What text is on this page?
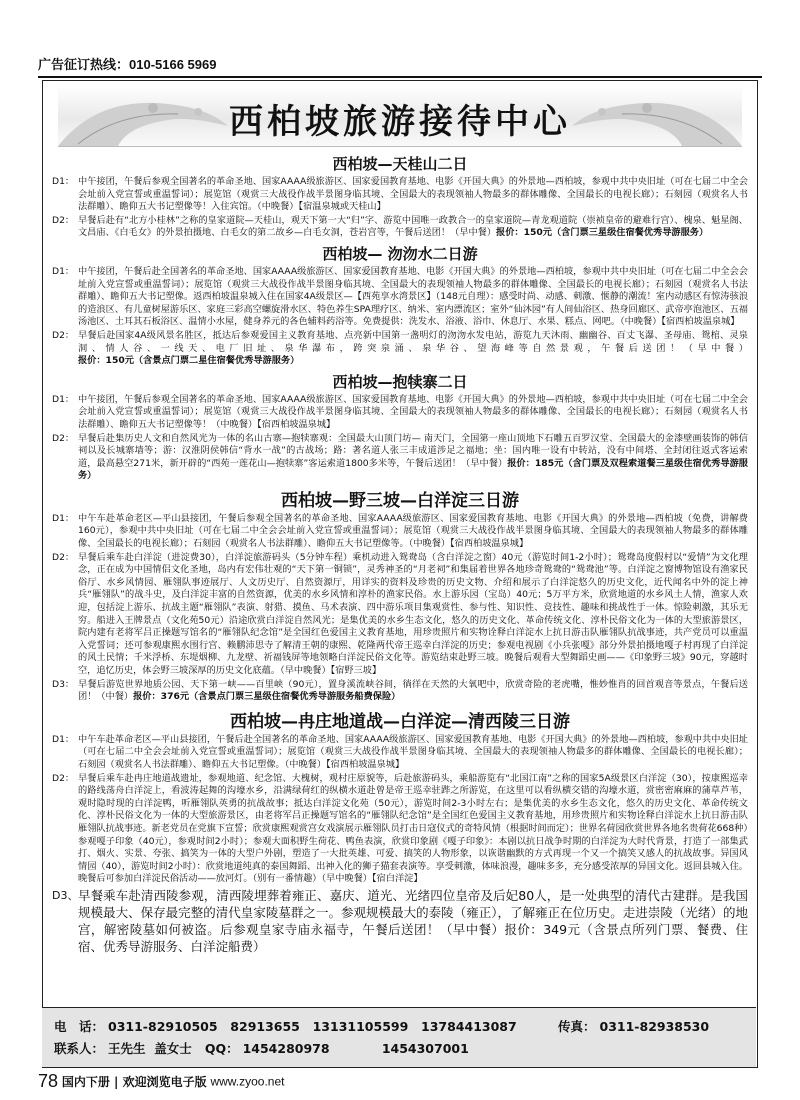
广告征订热线：010-5166 5969
西柏坡旅游接待中心
西柏坡—天桂山二日
D1： 中午接团，午餐后参观全国著名的革命圣地、国家AAAA级旅游区、国家爱国教育基地、电影《开国大典》的外景地—西柏坡，参观中共中央旧址（可在七届二中全会会址前入党宣誓或重温誓词）；展览馆（观赏三大战役作战半景图身临其境、全国最大的表现领袖人物最多的群体雕像、全国最长的电视长廊）；石刻园（观赏名人书法群雕）、瞻仰五大书记塑像等！入住宾馆。（中晚餐）【宿温泉城或天桂山】
D2： 早餐后赴有“北方小桂林”之称的皇家道院—天桂山，观天下第一大“归”字、游览中国唯一政教合一的皇家道院—青龙观道院（崇祯皇帝的避难行宫）、槐泉、魁星阁、文昌庙、《白毛女》的外景拍摄地、白毛女的第二故乡—白毛女洞，苍岩宫等，午餐后送团！（早中餐）报价：150元（含门票三星级住宿餐优秀导游服务）
西柏坡— 沕沕水二日游
D1： 中午接团，午餐后赴全国著名的革命圣地、国家AAAA级旅游区、国家爱国教育基地、电影《开国大典》的外景地—西柏坡，参观中共中央旧址（可在七届二中全会会址前入党宣誓或重温誓词）；展览馆（观赏三大战役作战半景图身临其境、全国最大的表现领袖人物最多的群体雕像、全国最长的电视长廊）；石刻园（观赏名人书法群雕）、瞻仰五大书记塑像。返西柏坡温泉城入住在国家4A级景区—【西苑享水湾景区】（148元自理）：感受时尚、动感、刺激、惬静的潮流！室内动感区有惊涛骇浪的造浪区、有儿童树屋游乐区、家庭三彩高空螺旋滑水区、特色养生SPA理疗区、纳米、室内漂流区；室外“仙沐园”有人间仙浴区、热身回廊区、武帝亭泡池区、五福汤池区、土耳其石板浴区、温情小水屋，健身养元的各色辅料药浴等。免费提供：洗发水、浴液、浴巾、休息厅、水果、糕点、网吧。（中晚餐）【宿西柏坡温泉城】
D2： 早餐后赴国家4A级风景名胜区，抵达后参观爱国主义教育基地、点亮新中国第一盏明灯的沕沕水发电站，游览九天沐雨、幽幽谷、百丈飞瀑、圣母庙、鸳棺、灵泉洞、情人谷、一线天、电厂旧址、泉华瀑布，跨突泉涌、泉华谷、望海峰等自然景观，午餐后送团！（早中餐）报价：150元（含景点门票二星住宿餐优秀导游服务）
西柏坡—抱犊寨二日
D1： 中午接团，午餐后参观全国著名的革命圣地、国家AAAA级旅游区、国家爱国教育基地、电影《开国大典》的外景地—西柏坡，参观中共中央旧址（可在七届二中全会会址前入党宣誓或重温誓词）；展览馆（观赏三大战役作战半景图身临其境、全国最大的表现领袖人物最多的群体雕像、全国最长的电视长廊）；石刻园（观赏名人书法群雕）、瞻仰五大书记塑像等！（中晚餐）【宿西柏坡温泉城】
D2： 早餐后赴集历史人文和自然风光为一体的名山古寨—抱犊寨观：全国最大山顶门坊— 南天门，全国第一座山顶地下石雕五百罗汉堂、全国最大的金漆壁画装饰的韩信祠以及长城寨墙等；游：汉淮阴侯韩信“背水一战”的古战场；路：著名道人张三丰成道涉足之福地；坐：国内唯一设有中转站，没有中间塔、全封闭往返式客运索道，最高悬空271米，新开辟的“西苑一莲花山—抱犊寨”客运索道1800多米等，午餐后送团！（早中餐）报价：185元（含门票及双程索道餐三星级住宿优秀导游服务）
西柏坡—野三坡—白洋淀三日游
D1： 中午车赴革命老区—平山县接团，午餐后参观全国著名的革命圣地、国家AAAA级旅游区、国家爱国教育基地、电影《开国大典》的外景地—西柏坡（免费，讲解费160元），参观中共中央旧址（可在七届二中全会会址前入党宣誓或重温誓词）；展览馆（观赏三大战役作战半景图身临其境、全国最大的表现领袖人物最多的群体雕像、全国最长的电视长廊）；石刻园（观赏名人书法群雕）、瞻仰五大书记塑像等。（中晚餐）【宿西柏坡温泉城】
D2： 早餐后乘车赴白洋淀（进淀费30），白洋淀旅游码头（5分钟车程）乘机动进入鸳鸯岛（含白洋淀之窗）40元（游览时间1-2小时）；鸳鸯岛度假村以“爱情”为文化理念，正在成为中国情侣文化圣地，岛内有宏伟壮观的“天下第一铜锁”，灵秀神圣的“月老祠”和集届着世界各地珍奇鸳鸯的“鸳鸯池”等。白洋淀之窗博物馆设有渔家民俗厅、水乡风情园、雁翎队事迹展厅、人文历史厅、自然资源厅，用详实的资料及珍贵的历史文物、介绍和展示了白洋淀悠久的历史文化，近代闻名中外的淀上神兵“雁翎队”的战斗史，及白洋淀丰富的自然资源，优美的水乡风情和淳朴的渔家民俗。水上游乐园（宝岛）40元；5万平方米，欣赏地道的水乡风土人情，渔家人欢迎，包括淀上游乐、抗战主题“雁翎队”表演、射猎、摸鱼、马术表演、四中游乐项目集观赏性、参与性、知识性、竞技性、趣味和挑战性于一体。惊险刺激，其乐无穷。船进入王牌景点（文化苑50元）沿途欣赏白洋淀自然风光；是集优美的水乡生态文化，悠久的历史文化、革命传统文化、淳朴民俗文化为一体的大型旅游景区，院内建有老将军吕正操题写馆名的“雁翎队纪念馆”是全国红色爱国主义教育基地，用珍贵照片和实物诠释白洋淀水上抗日游击队雁翎队抗战事迹，共产党员可以重温入党誓词；还可参观康熙水围行宫、赖鹏沛思寺了解清王朝的康熙、乾隆两代帝王巡幸白洋淀的历史；参观电视剧《小兵张嘎》部分外景拍摄地嘎子村再现了白洋淀的风土民情；千米浮桥、东堤烟柳、九龙壁、祈福钱屏等地领略白洋淀民俗文化等。游览结束赴野三坡。晚餐后观看大型舞蹈史画——《印象野三坡》90元，穿越时空，追忆历史，体会野三坡深厚的历史文化底蕴。（早中晚餐）【宿野三坡】
D3： 早餐后游览世界地质公园、天下第一峡——百里峡（90元），置身溪流峡谷间，徜徉在天然的大氧吧中，欣赏奇险的老虎嘴，惟妙惟肖的回首观音等景点，午餐后送团！（中餐）报价：376元（含景点门票三星级住宿餐优秀导游服务船费保险）
西柏坡—冉庄地道战—白洋淀—清西陵三日游
D1： 中午车赴革命老区—平山县接团，午餐后赴全国著名的革命圣地、国家AAAA级旅游区、国家爱国教育基地、电影《开国大典》的外景地—西柏坡，参观中共中央旧址（可在七届二中全会会址前入党宣誓或重温誓词）；展览馆（观赏三大战役作战半景图身临其境、全国最大的表现领袖人物最多的群体雕像、全国最长的电视长廊）；石刻园（观赏名人书法群雕）、瞻仰五大书记塑像。（中晚餐）【宿西柏坡温泉城】
D2： 早餐后乘车赴冉庄地道战遗址，参观地道、纪念馆、大槐树，观村庄原貌等，后赴旅游码头，乘船游览有“北国江南”之称的国家5A级景区白洋淀（30），按康熙巡幸的路线荡舟白洋淀上，看波涛起舞的沟壕水乡，沿满绿荷红的纵横水道赴曾是帝王巡幸驻跸之所游览，在这里可以看纵横交错的沟壕水道，赏密密麻麻的蒲草芦苇，观时隐时现的白洋淀鸭，听雁翎队英勇的抗战故事；抵达白洋淀文化苑（50元），游览时间2-3小时左右；是集优美的水乡生态文化，悠久的历史文化、革命传统文化、淳朴民俗文化为一体的大型旅游景区，由老将军吕正操题写馆名的“雁翎队纪念馆”是全国红色爱国主义教育基地，用珍贵照片和实物诠释白洋淀水上抗日游击队雁翎队抗战事迹。新老党员在党旗下宣誓；欣赏康熙观赏宫女戏演展示雁翎队员打击日寇仪式的奇特风情（根据时间而定）；世界名荷园欣赏世界各地名贵荷花668种）参观嘎子印象（40元），参观时间2小时）；参观大面积野生荷花、鸭鱼表演，欣赏印象剧《嘎子印象》：本剧以抗日战争时期的白洋淀为大时代背景，打造了一部集武打、烟火、实景、夸张、搞笑为一体的大型户外剧，塑造了一大批英雄、可爱、搞笑的人物形象，以诙谐幽默的方式再现一个又一个搞笑又感人的抗战故事。异国风情园（40），游览时间2小时）：欣赏地道纯真的泰国舞蹈、出神入化的狮子猫套表演等。享受刺激，体味浪漫，趣味多多，充分感受浓厚的异国文化。返回县城入住。晚餐后可参加白洋淀民俗活动——放河灯。（别有一番情趣）（早中晚餐）【宿白洋淀】
D3、 早餐乘车赴清西陵参观，清西陵埋葬着雍正、嘉庆、道光、光绪四位皇帝及后妃80人，是一处典型的清代古建群。是我国规模最大、保存最完整的清代皇家陵墓群之一。参观规模最大的泰陵（雍正），了解雍正在位历史。走进崇陵（光绪）的地宫，解密陵墓如何被盗。后参观皇家寺庙永福寺，午餐后送团！（早中餐）报价：349元（含景点所列门票、餐费、住宿、优秀导游服务、白洋淀船费）
电　话： 0311-82910505 82913655 13131105599 13784413087	传真： 0311-82938530
联系人： 王先生 盖女士 QQ： 1454280978	1454307001
78 国内下册 | 欢迎浏览电子版 www.zyoo.net
